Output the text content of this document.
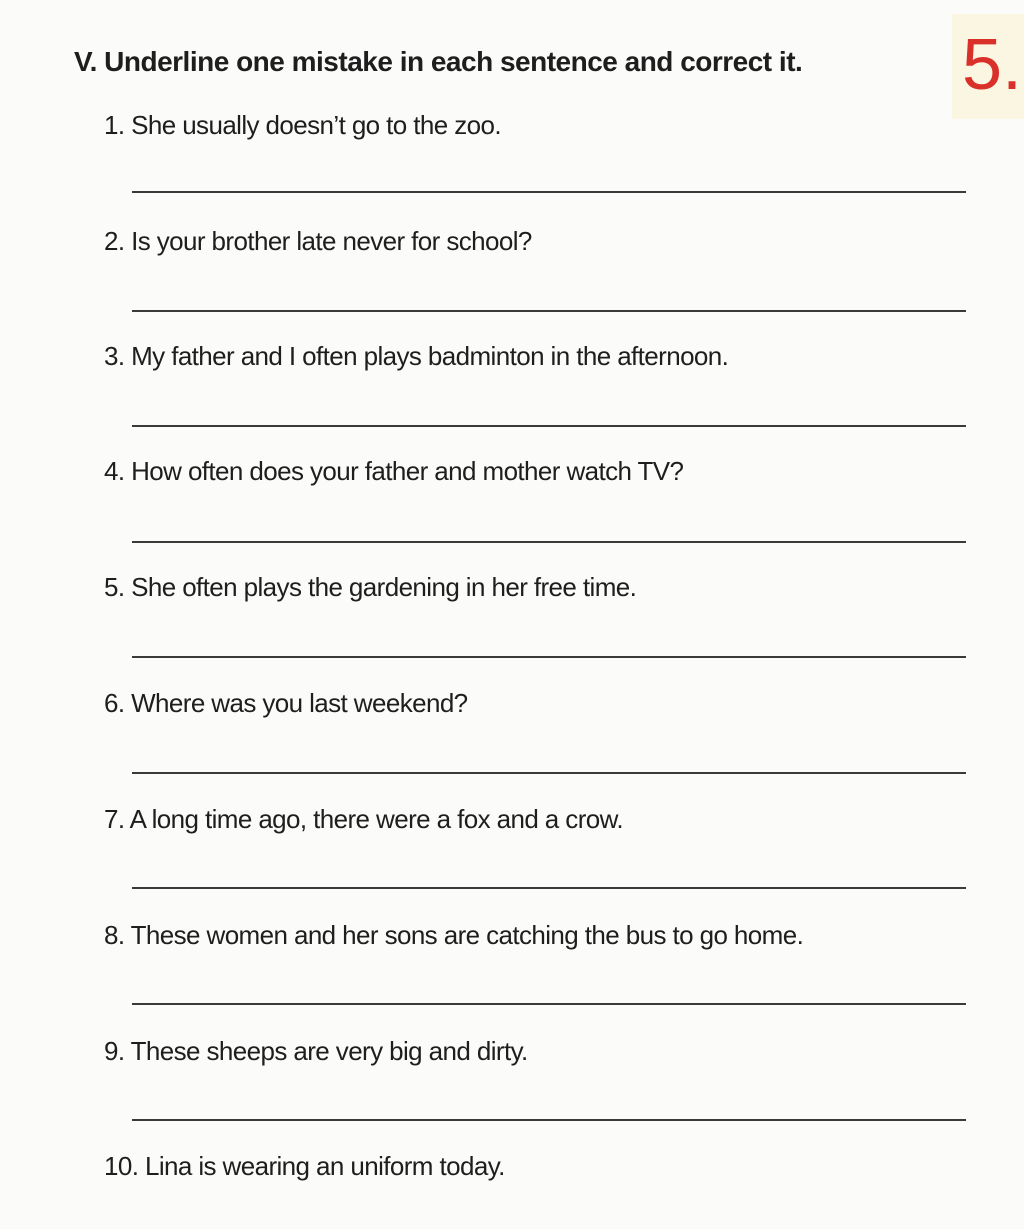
V. Underline one mistake in each sentence and correct it. 5.
1. She usually doesn’t go to the zoo.
2. Is your brother late never for school?
3. My father and I often plays badminton in the afternoon.
4. How often does your father and mother watch TV?
5. She often plays the gardening in her free time.
6. Where was you last weekend?
7. A long time ago, there were a fox and a crow.
8. These women and her sons are catching the bus to go home.
9. These sheeps are very big and dirty.
10. Lina is wearing an uniform today.
